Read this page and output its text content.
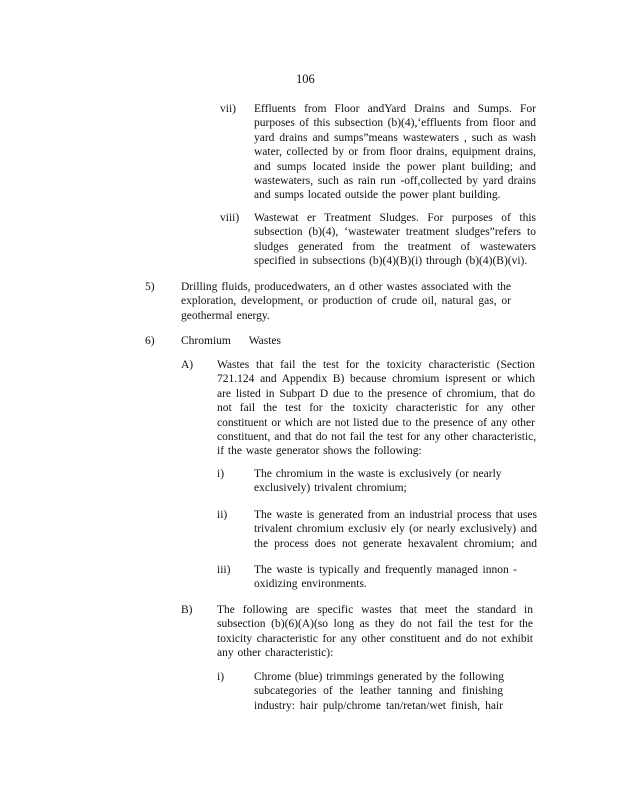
106
vii) Effluents from Floor andYard Drains and Sumps. For
purposes of this subsection (b)(4),‘effluents from floor and
yard drains and sumps”means wastewaters , such as wash
water, collected by or from floor drains, equipment drains,
and sumps located inside the power plant building; and
wastewaters, such as rain run -off,collected by yard drains
and sumps located outside the power plant building.
viii) Wastewat er Treatment Sludges. For purposes of this
subsection (b)(4), ‘wastewater treatment sludges”refers to
sludges generated from the treatment of wastewaters
specified in subsections (b)(4)(B)(i) through (b)(4)(B)(vi).
5) Drilling fluids, producedwaters, an d other wastes associated with the
exploration, development, or production of crude oil, natural gas, or
geothermal energy.
6) Chromium Wastes
A) Wastes that fail the test for the toxicity characteristic (Section
721.124 and Appendix B) because chromium ispresent or which
are listed in Subpart D due to the presence of chromium, that do
not fail the test for the toxicity characteristic for any other
constituent or which are not listed due to the presence of any other
constituent, and that do not fail the test for any other characteristic,
if the waste generator shows the following:
i)	The chromium in the waste is exclusively (or nearly
exclusively) trivalent chromium;
ii) The waste is generated from an industrial process that uses
trivalent chromium exclusiv ely (or nearly exclusively) and
the process does not generate hexavalent chromium; and
iii) The waste is typically and frequently managed innon -
oxidizing environments.
B) The following are specific wastes that meet the standard in
subsection (b)(6)(A)(so long as they do not fail the test for the
toxicity characteristic for any other constituent and do not exhibit
any other characteristic):
i)	Chrome (blue) trimmings generated by the following
subcategories of the leather tanning and finishing
industry: hair pulp/chrome tan/retan/wet finish, hair
